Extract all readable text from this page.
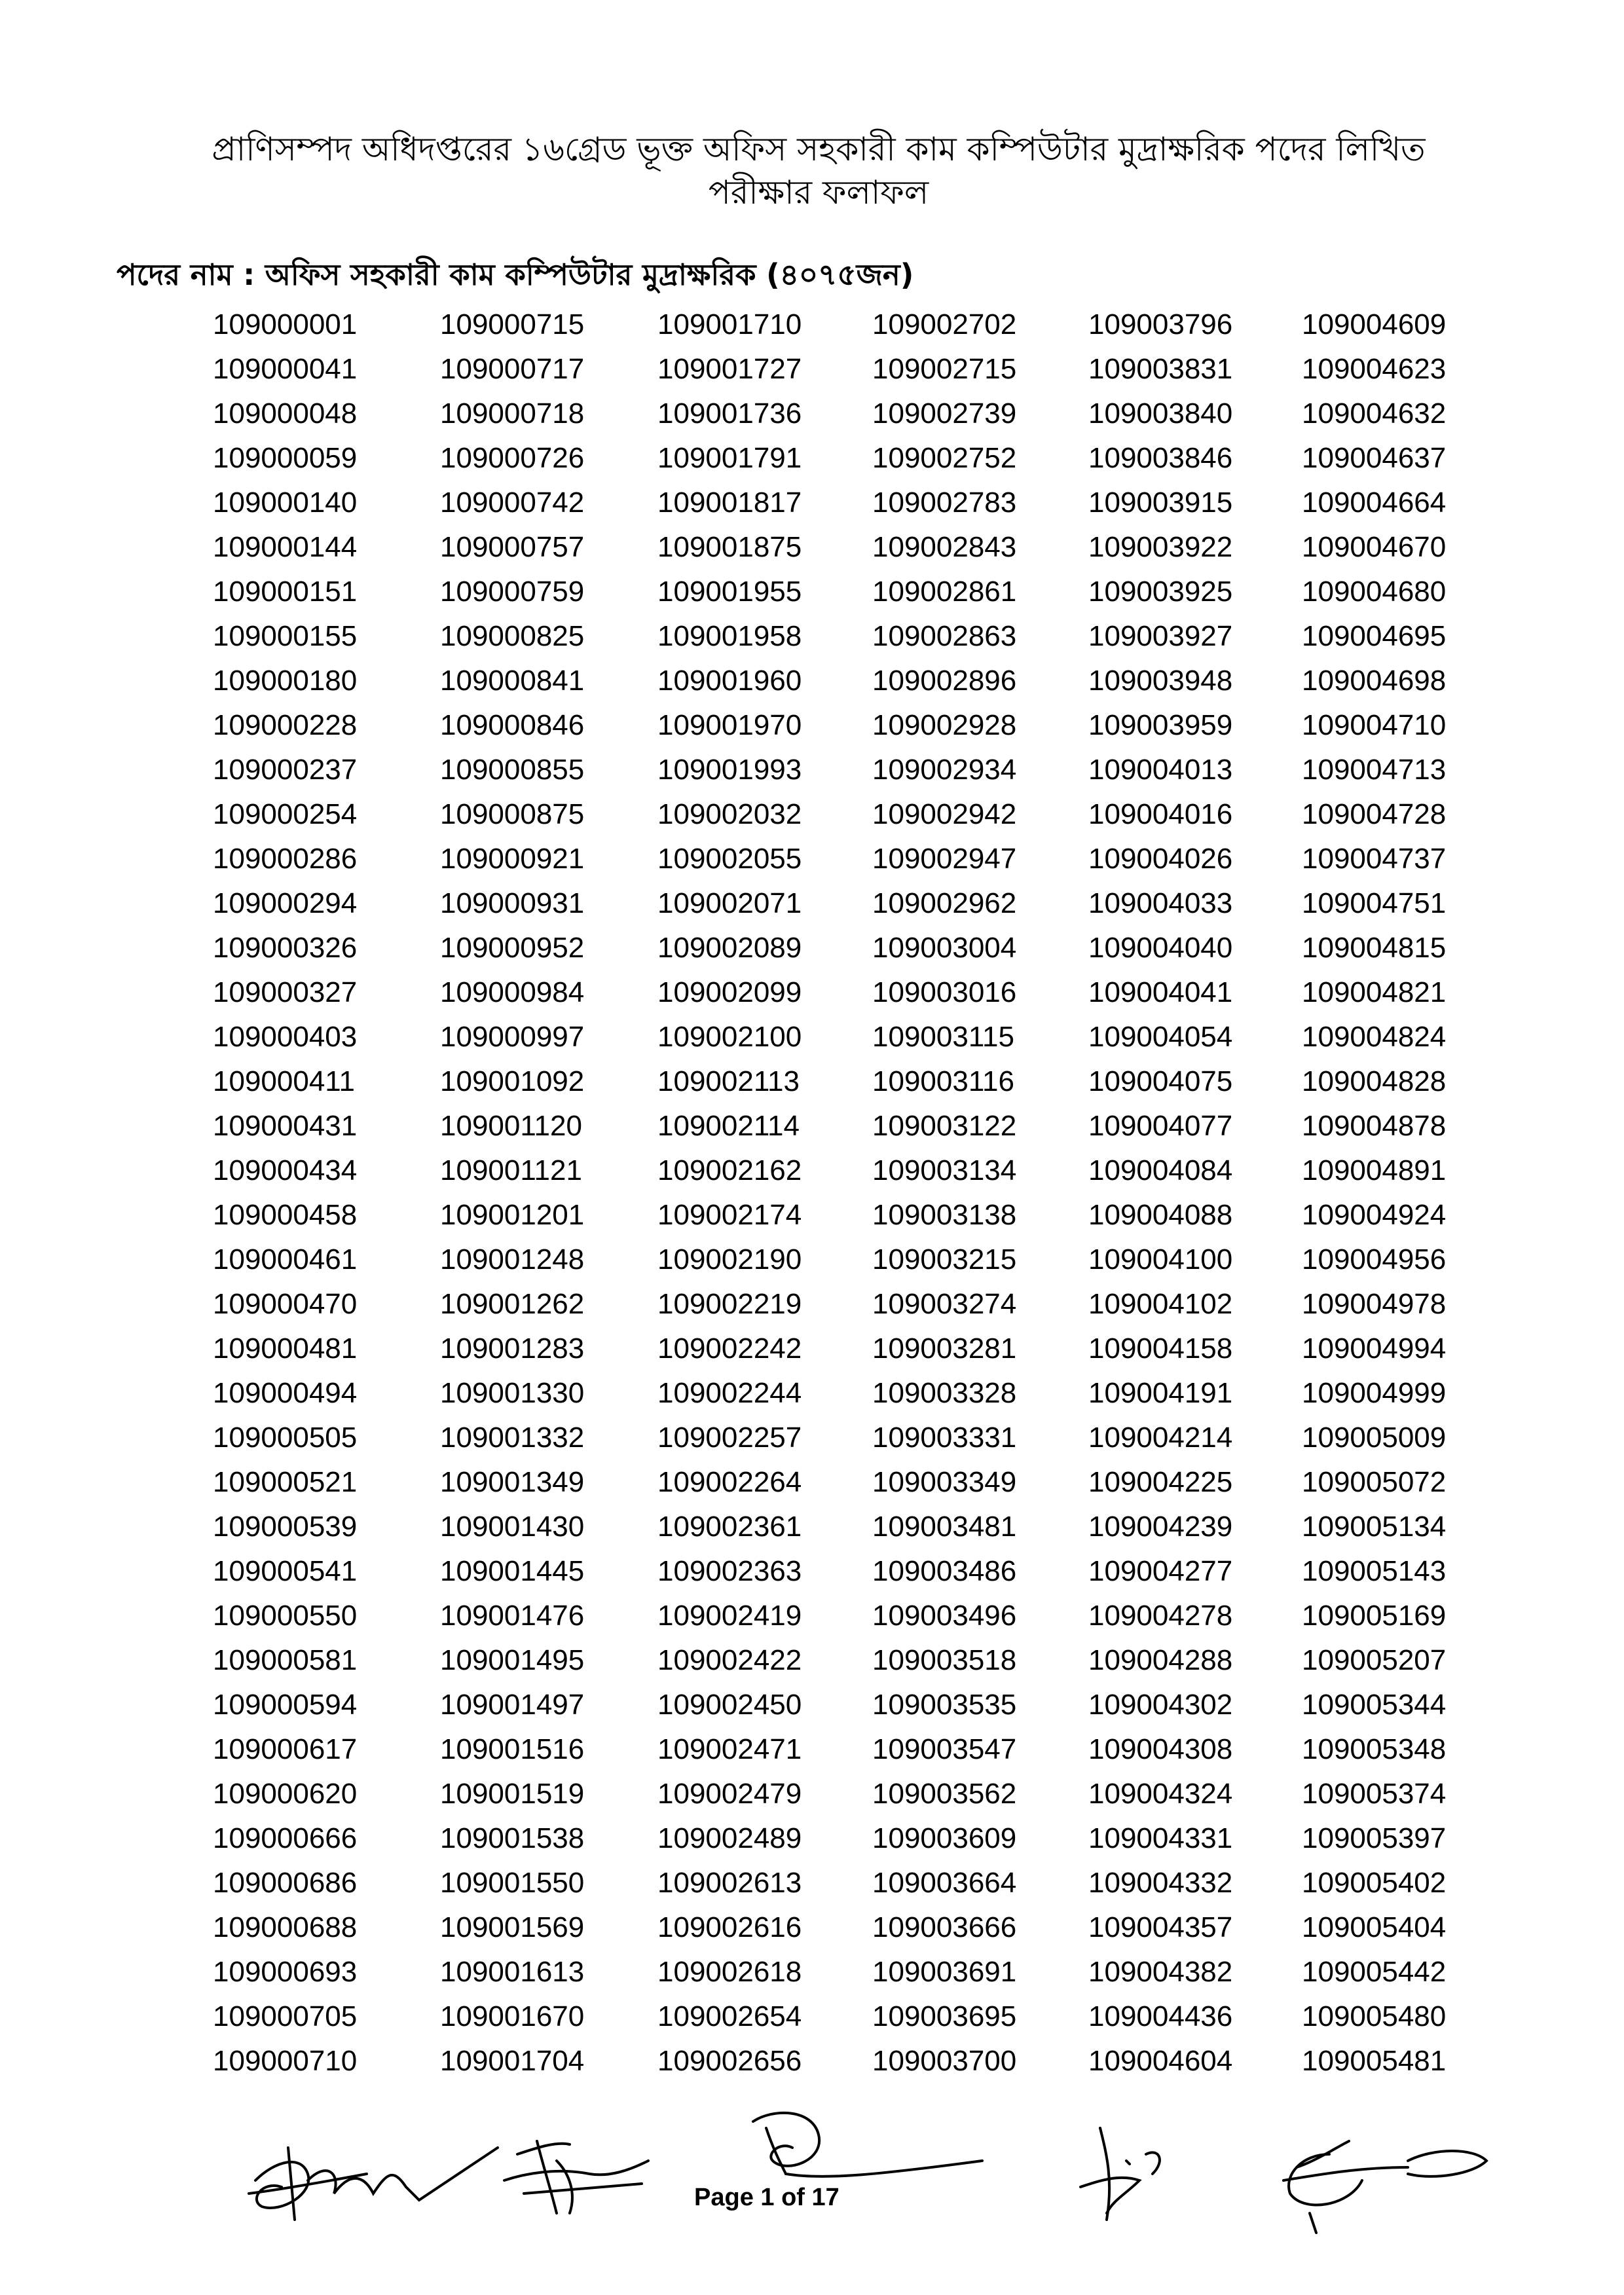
প্রাণিসম্পদ অধিদপ্তরের ১৬গ্রেড ভূক্ত অফিস সহকারী কাম কম্পিউটার মুদ্রাক্ষরিক পদের লিখিত
পরীক্ষার ফলাফল
পদের নাম : অফিস সহকারী কাম কম্পিউটার মুদ্রাক্ষরিক (৪০৭৫জন)
109000001
109000041
109000048
109000059
109000140
109000144
109000151
109000155
109000180
109000228
109000237
109000254
109000286
109000294
109000326
109000327
109000403
109000411
109000431
109000434
109000458
109000461
109000470
109000481
109000494
109000505
109000521
109000539
109000541
109000550
109000581
109000594
109000617
109000620
109000666
109000686
109000688
109000693
109000705
109000710
109000715
109000717
109000718
109000726
109000742
109000757
109000759
109000825
109000841
109000846
109000855
109000875
109000921
109000931
109000952
109000984
109000997
109001092
109001120
109001121
109001201
109001248
109001262
109001283
109001330
109001332
109001349
109001430
109001445
109001476
109001495
109001497
109001516
109001519
109001538
109001550
109001569
109001613
109001670
109001704
109001710
109001727
109001736
109001791
109001817
109001875
109001955
109001958
109001960
109001970
109001993
109002032
109002055
109002071
109002089
109002099
109002100
109002113
109002114
109002162
109002174
109002190
109002219
109002242
109002244
109002257
109002264
109002361
109002363
109002419
109002422
109002450
109002471
109002479
109002489
109002613
109002616
109002618
109002654
109002656
109002702
109002715
109002739
109002752
109002783
109002843
109002861
109002863
109002896
109002928
109002934
109002942
109002947
109002962
109003004
109003016
109003115
109003116
109003122
109003134
109003138
109003215
109003274
109003281
109003328
109003331
109003349
109003481
109003486
109003496
109003518
109003535
109003547
109003562
109003609
109003664
109003666
109003691
109003695
109003700
109003796
109003831
109003840
109003846
109003915
109003922
109003925
109003927
109003948
109003959
109004013
109004016
109004026
109004033
109004040
109004041
109004054
109004075
109004077
109004084
109004088
109004100
109004102
109004158
109004191
109004214
109004225
109004239
109004277
109004278
109004288
109004302
109004308
109004324
109004331
109004332
109004357
109004382
109004436
109004604
109004609
109004623
109004632
109004637
109004664
109004670
109004680
109004695
109004698
109004710
109004713
109004728
109004737
109004751
109004815
109004821
109004824
109004828
109004878
109004891
109004924
109004956
109004978
109004994
109004999
109005009
109005072
109005134
109005143
109005169
109005207
109005344
109005348
109005374
109005397
109005402
109005404
109005442
109005480
109005481
Page 1 of 17
